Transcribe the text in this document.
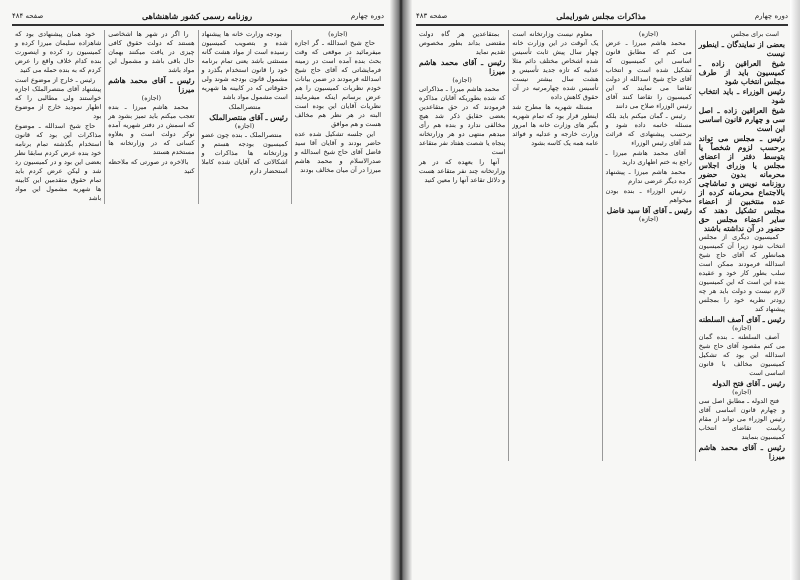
دوره چهارم
روزنامه رسمی کشور شاهنشاهی
صفحه ۴۸۴
(اجازه)

حاج شیخ اسدالله ـ گر اجازه میفرمائید در موقعی که وقت بحث بنده آمده است در زمینه فرمایشاتی که آقای حاج شیخ اسدالله فرمودند در ضمن بیانات خودم نظریات کمیسیون را هم عرض برسانم اینکه میفرمایند نظریات آقایان این بوده است البته در هر نظر هم مخالف هست و هم موافق

این جلسه تشکیل شده عده حاضر بودند و آقایان آقا سید فاضل آقای حاج شیخ اسدالله و صدرالاسلام و محمد هاشم میرزا در آن میان مخالف بودند

بودجه وزارت خانه ها پیشنهاد شده و بتصویب کمیسیون رسیده است از مواد هشت گانه مستثنی باشد یعنی تمام برنامه خود را قانون استخدام بگذرد و مشمول قانون بودجه شوند ولی حقوقاتی که در کابینه ها شهریه است مشمول مواد باشد

منتصرالملک
رئیس ـ آقای منتصرالملک
(اجازه)

منتصرالملک ـ بنده چون عضو کمیسیون بودجه هستم و وزارتخانه ها مذاکرات و اشکالاتی که آقایان شده کاملا استحضار دارم

را اگر در شهر ها اشخاصی هستند که دولت حقوق کافی چیزی در یافت میکنند بهمان حال باقی باشد و مشمول این مواد باشد

رئیس ـ آقای محمد هاشم میرزا
(اجازه)

محمد هاشم میرزا ـ بنده تعجب میکنم باید تمیز بشود هر که اسمش در دفتر شهریه آمده نوکر دولت است و بعلاوه کسانی که در وزارتخانه ها مستخدم هستند

بالاخره در صورتی که ملاحظه کنید

خود همان پیشنهادی بود که شاهزاده سلیمان میرزا کرده و کمیسیون رد کرده و اینصورت بنده کدام خلاف واقع را عرض کردم که به بنده حمله می کنید

رئیس ـ خارج از موضوع است پیشنهاد آقای منتصرالملک اجازه خواستند ولی مطالبی را که اظهار نمودید خارج از موضوع بود

حاج شیخ اسدالله ـ موضوع مذاکرات این بود که قانون استخدام بگذشته تمام برنامه خود بنده عرض کردم سابقا نظر بعضی این بود و در کمیسیون رد شد و لیکن عرض کردم باید تمام حقوق متقدمین این کابینه ها شهریه مشمول این مواد باشد

دوره چهارم
مذاکرات مجلس شورایملی
صفحه ۴۸۳

است برای مجلس

بعضی از نمایندگان ـ اینطور نیست
شیخ العراقین زاده ـ کمیسیون باید از طرف مجلس انتخاب شود
رئیس الوزراء ـ باید انتخاب شود
شیخ العراقین زاده ـ اصل سی و چهارم قانون اساسی این است
رئیس ـ مجلس می تواند برحسب لزوم شخصاً یا بتوسط دفتر از اعضای مجلس یا وزرای اجلاس محرمانه بدون حضور روزنامه نویس و تماشاچی بالاجتماع محرمانه کرده از عده منتخبین از اعضاء مجلس تشکیل دهند که سایر اعضاء مجلس حق حضور در آن نداشته باشند

کمیسیون دیگری از مجلس انتخاب شود زیرا آن کمیسیون همانطور که آقای حاج شیخ اسدالله فرمودند ممکن است سلب بطور کار خود و عقیده بنده این است که این کمیسیون لازم نیست و دولت باید هر چه زودتر نظریه خود را بمجلس پیشنهاد کند

رئیس ـ آقای آصف السلطنه
(اجازه)

آصف السلطنه ـ بنده گمان می کنم مقصود آقای حاج شیخ اسدالله این بود که تشکیل کمیسیون مخالف با قانون اساسی است

رئیس ـ آقای فتح الدوله
(اجازه)

فتح الدوله ـ مطابق اصل سی و چهارم قانون اساسی آقای رئیس الوزراء می تواند از مقام ریاست تقاضای انتخاب کمیسیون بنمایند

رئیس ـ آقای محمد هاشم میرزا
(اجازه)

محمد هاشم میرزا ـ عرض می کنم که مطابق قانون اساسی این کمیسیون که تشکیل شده است و انتخاب آقای حاج شیخ اسدالله از دولت تقاضا می نمایند که این کمیسیون را تقاضا کنند آقای رئیس الوزراء صلاح می دانند

رئیس ـ گمان میکنم باید بلکه مسئله خاتمه داده شود و برحسب پیشنهادی که قرائت شد آقای رئیس الوزراء

آقای محمد هاشم میرزا ـ راجع به ختم اظهاری دارید

محمد هاشم میرزا ـ پیشنهاد کرده دیگر عرضی ندارم

رئیس الوزراء ـ بنده بودن میخواهم

رئیس ـ آقای آقا سید فاضل
(اجازه)

معلوم نیست وزارتخانه است یک آنوقت در این وزارت خانه چهار سال پیش ثابت تأسیس شده اشخاص مختلف دائم مثلا عدلیه که تازه جدید تأسیس و هشت سال بیشتر نیست تأسیس شده چهارمرتبه در آن حقوق کاهش داده

مسئله شهریه ها مطرح شد اینطور قرار بود که تمام شهریه بگیر های وزارت خانه ها امروز وزارت خارجه و عدلیه و فوائد عامه همه یک کاسه بشود

بمتقاعدین هر گاه دولت مقتضی بداند بطور مخصوص تقدیم نماید

رئیس ـ آقای محمد هاشم میرزا
(اجازه)

محمد هاشم میرزا ـ مذاکراتی که شده بطوریکه آقایان مذاکره فرمودند که در حق متقاعدین بعضی حقایق ذکر شد هیچ مخالفی ندارد و بنده هم رأی میدهم منتهی دو هر وزارتخانه پنجاه یا شصت هفتاد نفر متقاعد است

آنها را بعهده که در هر وزارتخانه چند نفر متقاعد هست و دلائل تقاعد آنها را معین کنید
